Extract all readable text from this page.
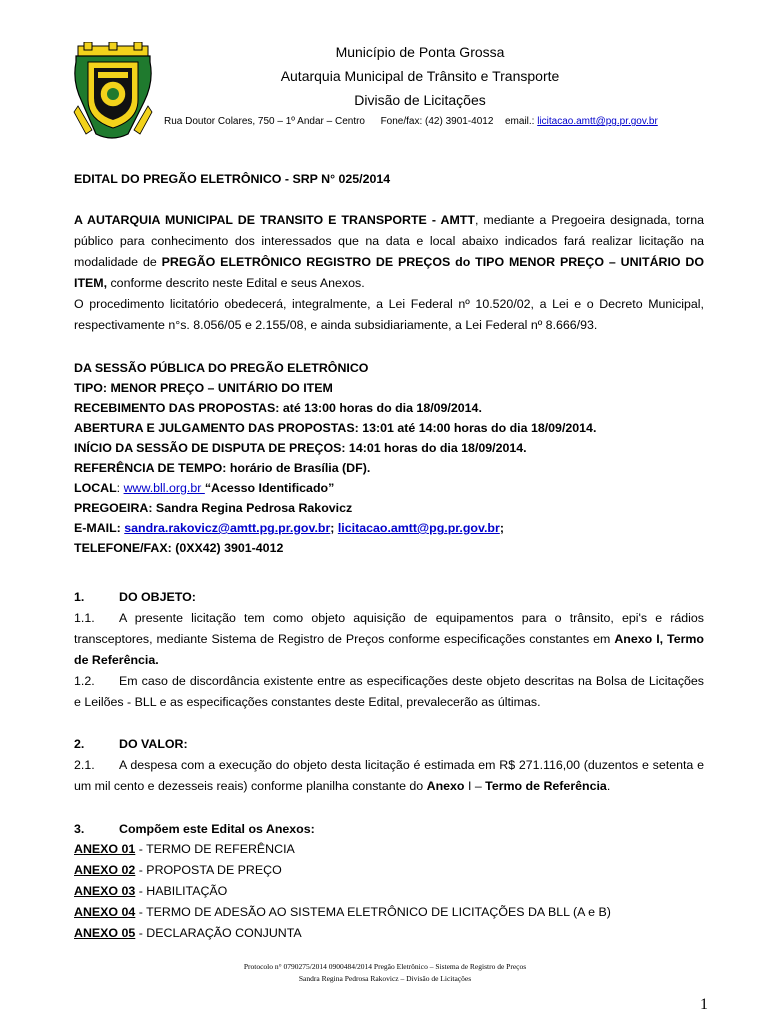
Município de Ponta Grossa
Autarquia Municipal de Trânsito e Transporte
Divisão de Licitações
Rua Doutor Colares, 750 – 1º Andar – Centro Fone/fax: (42) 3901-4012 email.: licitacao.amtt@pg.pr.gov.br
EDITAL DO PREGÃO ELETRÔNICO - SRP N° 025/2014

A AUTARQUIA MUNICIPAL DE TRANSITO E TRANSPORTE - AMTT, mediante a Pregoeira designada, torna público para conhecimento dos interessados que na data e local abaixo indicados fará realizar licitação na modalidade de PREGÃO ELETRÔNICO REGISTRO DE PREÇOS do TIPO MENOR PREÇO – UNITÁRIO DO ITEM, conforme descrito neste Edital e seus Anexos.

O procedimento licitatório obedecerá, integralmente, a Lei Federal nº 10.520/02, a Lei e o Decreto Municipal, respectivamente n°s. 8.056/05 e 2.155/08, e ainda subsidiariamente, a Lei Federal nº 8.666/93.

DA SESSÃO PÚBLICA DO PREGÃO ELETRÔNICO
TIPO: MENOR PREÇO – UNITÁRIO DO ITEM
RECEBIMENTO DAS PROPOSTAS: até 13:00 horas do dia 18/09/2014.
ABERTURA E JULGAMENTO DAS PROPOSTAS: 13:01 até 14:00 horas do dia 18/09/2014.
INÍCIO DA SESSÃO DE DISPUTA DE PREÇOS: 14:01 horas do dia 18/09/2014.
REFERÊNCIA DE TEMPO: horário de Brasília (DF).
LOCAL: www.bll.org.br “Acesso Identificado”
PREGOEIRA: Sandra Regina Pedrosa Rakovicz
E-MAIL: sandra.rakovicz@amtt.pg.pr.gov.br; licitacao.amtt@pg.pr.gov.br;
TELEFONE/FAX: (0XX42) 3901-4012
1.	DO OBJETO:
1.1. A presente licitação tem como objeto aquisição de equipamentos para o trânsito, epi's e rádios transceptores, mediante Sistema de Registro de Preços conforme especificações constantes em Anexo I, Termo de Referência.
1.2. Em caso de discordância existente entre as especificações deste objeto descritas na Bolsa de Licitações e Leilões - BLL e as especificações constantes deste Edital, prevalecerão as últimas.
2.	DO VALOR:
2.1. A despesa com a execução do objeto desta licitação é estimada em R$ 271.116,00 (duzentos e setenta e um mil cento e dezesseis reais) conforme planilha constante do Anexo I – Termo de Referência.
3.	Compõem este Edital os Anexos:
ANEXO 01 - TERMO DE REFERÊNCIA
ANEXO 02 - PROPOSTA DE PREÇO
ANEXO 03 - HABILITAÇÃO
ANEXO 04 - TERMO DE ADESÃO AO SISTEMA ELETRÔNICO DE LICITAÇÕES DA BLL (A e B)
ANEXO 05 - DECLARAÇÃO CONJUNTA
Protocolo n° 0790275/2014 0900484/2014 Pregão Eletrônico – Sistema de Registro de Preços
Sandra Regina Pedrosa Rakovicz – Divisão de Licitações
1
